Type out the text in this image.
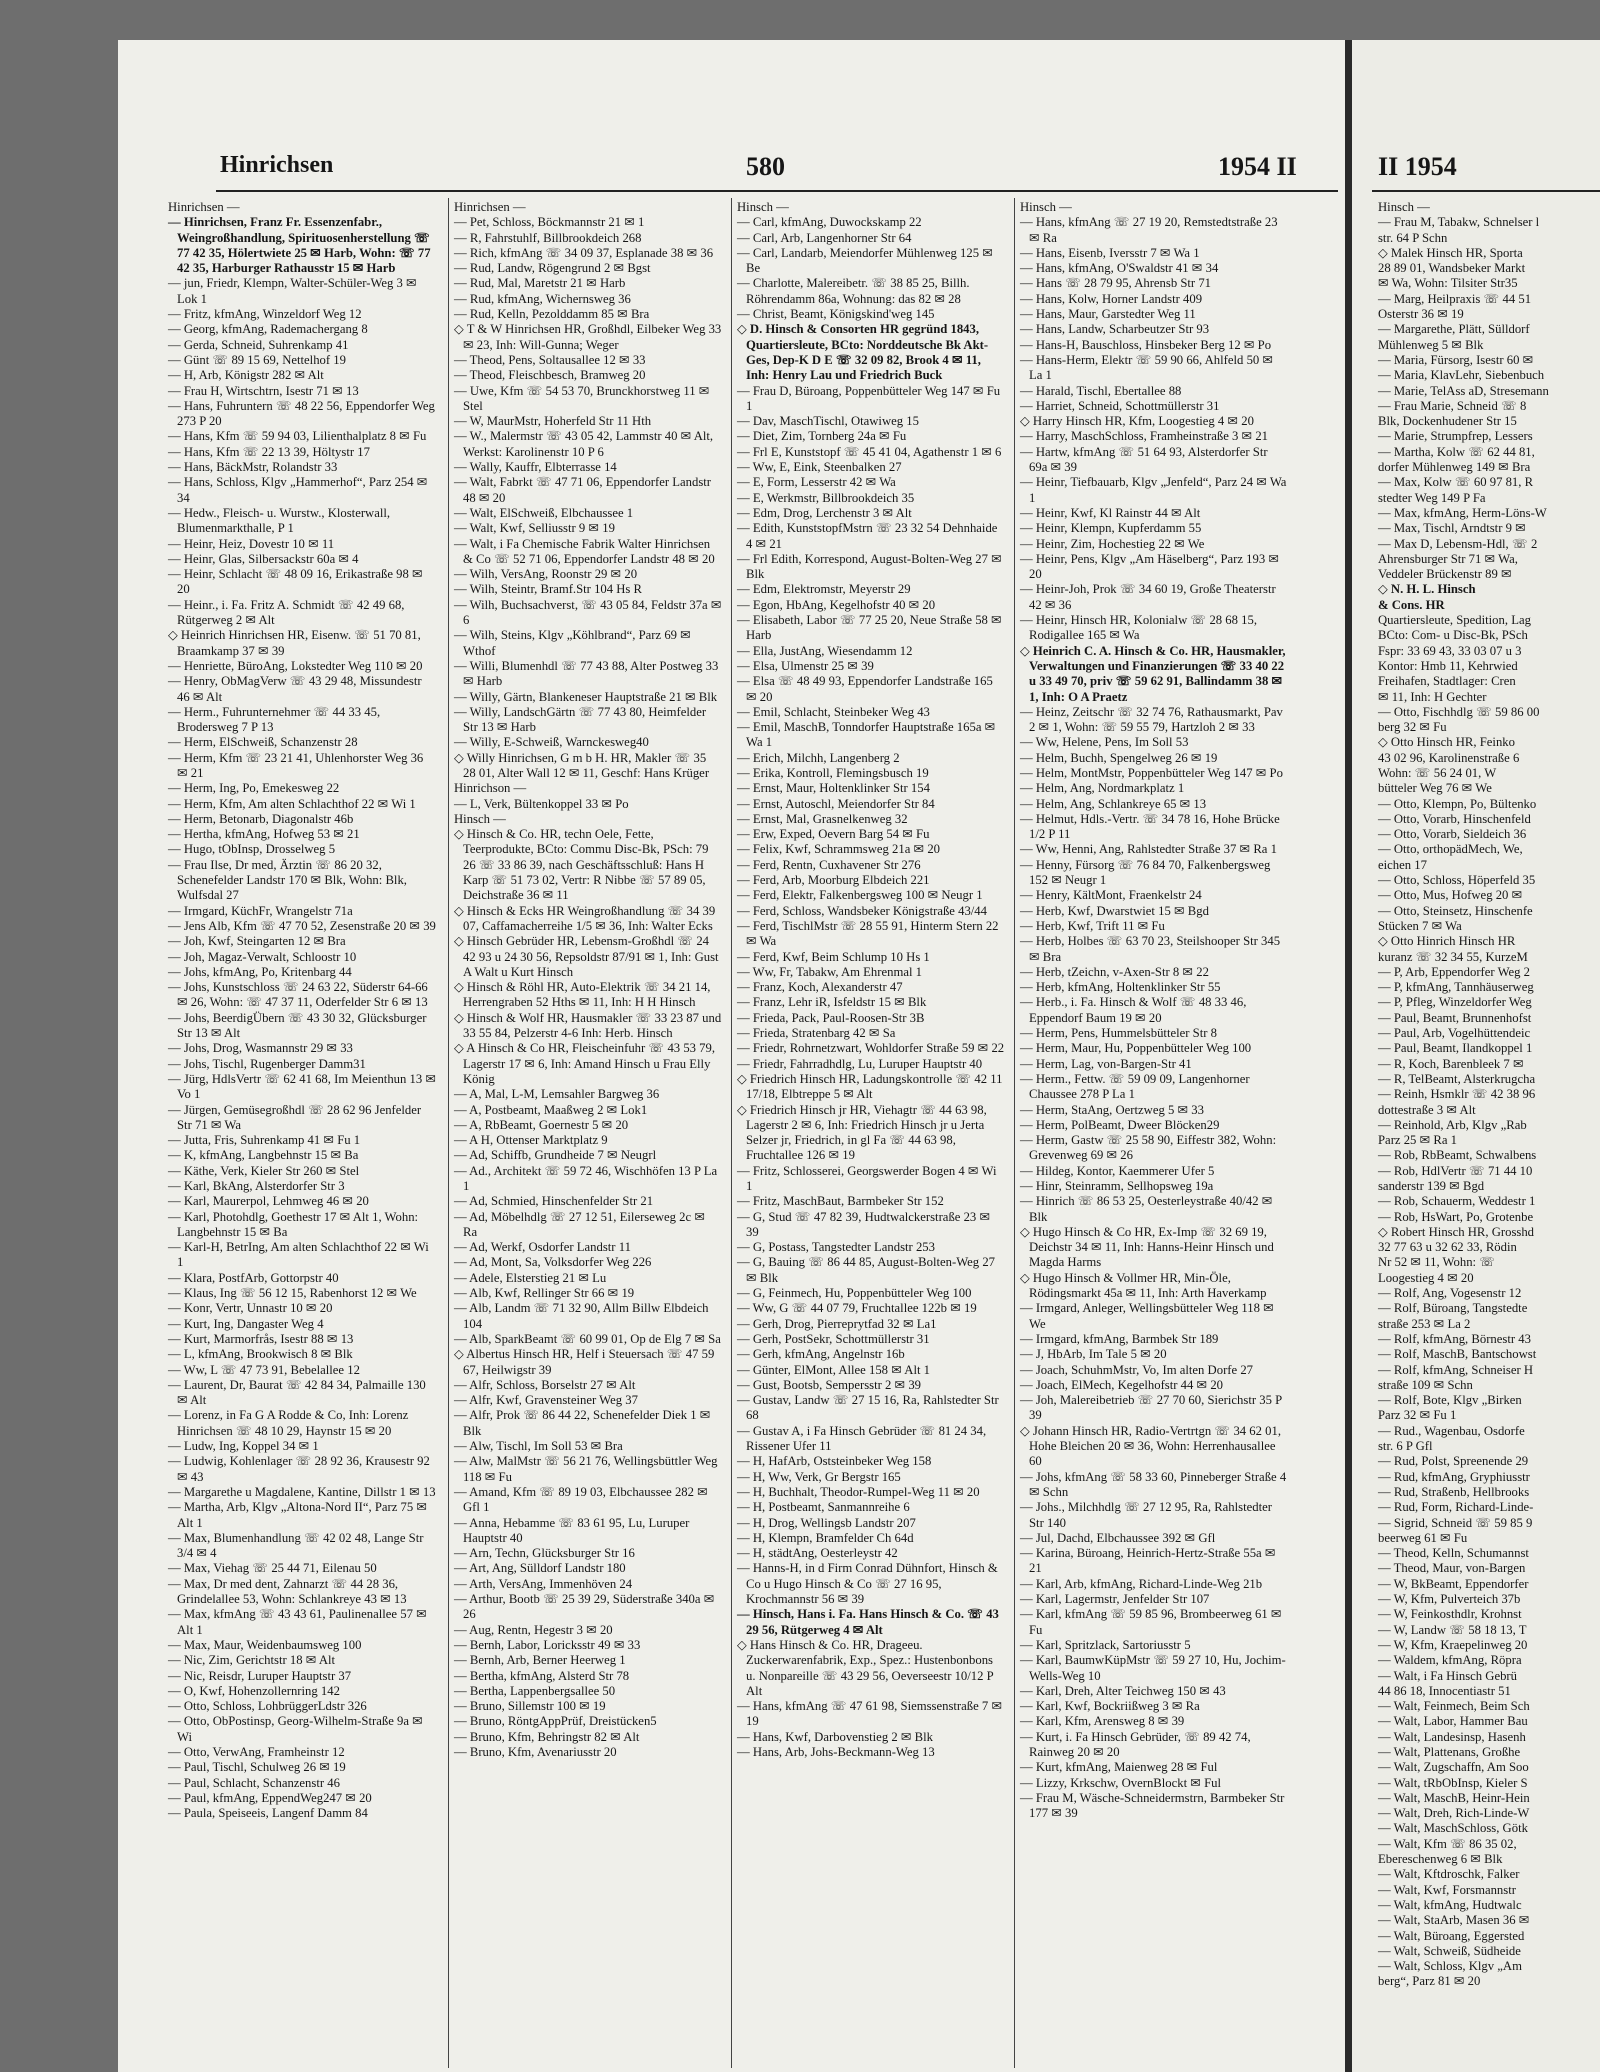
Hinrichsen	580	1954 II
Hinrichsen —
— Hinrichsen, Franz Fr. Essenzenfabr., Weingroßhandlung, Spirituosenherstellung ☏ 77 42 35, Hölertwiete 25 ✉ Harb, Wohn: ☏ 77 42 35, Harburger Rathausstr 15 ✉ Harb
— jun, Friedr, Klempn, Walter-Schüler-Weg 3 ✉ Lok 1
— Fritz, kfmAng, Winzeldorf Weg 12
— Georg, kfmAng, Rademachergang 8
— Gerda, Schneid, Suhrenkamp 41
— Günt ☏ 89 15 69, Nettelhof 19
— H, Arb, Königstr 282 ✉ Alt
— Frau H, Wirtschtrn, Isestr 71 ✉ 13
— Hans, Fuhruntern ☏ 48 22 56, Eppendorfer Weg 273 P 20
— Hans, Kfm ☏ 59 94 03, Lilienthalplatz 8 ✉ Fu
— Hans, Kfm ☏ 22 13 39, Höltystr 17
— Hans, BäckMstr, Rolandstr 33
— Hans, Schloss, Klgv „Hammerhof“, Parz 254 ✉ 34
— Hedw., Fleisch- u. Wurstw., Klosterwall, Blumenmarkthalle, P 1
— Heinr, Heiz, Dovestr 10 ✉ 11
— Heinr, Glas, Silbersackstr 60a ✉ 4
— Heinr, Schlacht ☏ 48 09 16, Erikastraße 98 ✉ 20
— Heinr., i. Fa. Fritz A. Schmidt ☏ 42 49 68, Rütgerweg 2 ✉ Alt
◇ Heinrich Hinrichsen HR, Eisenw. ☏ 51 70 81, Braamkamp 37 ✉ 39
— Henriette, BüroAng, Lokstedter Weg 110 ✉ 20
— Henry, ObMagVerw ☏ 43 29 48, Missundestr 46 ✉ Alt
— Herm., Fuhrunternehmer ☏ 44 33 45, Brodersweg 7 P 13
— Herm, ElSchweiß, Schanzenstr 28
— Herm, Kfm ☏ 23 21 41, Uhlenhorster Weg 36 ✉ 21
— Herm, Ing, Po, Emekesweg 22
— Herm, Kfm, Am alten Schlachthof 22 ✉ Wi 1
— Herm, Betonarb, Diagonalstr 46b
— Hertha, kfmAng, Hofweg 53 ✉ 21
— Hugo, tObInsp, Drosselweg 5
— Frau Ilse, Dr med, Ärztin ☏ 86 20 32, Schenefelder Landstr 170 ✉ Blk, Wohn: Blk, Wulfsdal 27
— Irmgard, KüchFr, Wrangelstr 71a
— Jens Alb, Kfm ☏ 47 70 52, Zesenstraße 20 ✉ 39
— Joh, Kwf, Steingarten 12 ✉ Bra
— Joh, Magaz-Verwalt, Schloostr 10
— Johs, kfmAng, Po, Kritenbarg 44
— Johs, Kunstschloss ☏ 24 63 22, Süderstr 64-66 ✉ 26, Wohn: ☏ 47 37 11, Oderfelder Str 6 ✉ 13
— Johs, BeerdigÜbern ☏ 43 30 32, Glücksburger Str 13 ✉ Alt
— Johs, Drog, Wasmannstr 29 ✉ 33
— Johs, Tischl, Rugenberger Damm31
— Jürg, HdlsVertr ☏ 62 41 68, Im Meienthun 13 ✉ Vo 1
— Jürgen, Gemüsegroßhdl ☏ 28 62 96 Jenfelder Str 71 ✉ Wa
— Jutta, Fris, Suhrenkamp 41 ✉ Fu 1
— K, kfmAng, Langbehnstr 15 ✉ Ba
— Käthe, Verk, Kieler Str 260 ✉ Stel
— Karl, BkAng, Alsterdorfer Str 3
— Karl, Maurerpol, Lehmweg 46 ✉ 20
— Karl, Photohdlg, Goethestr 17 ✉ Alt 1, Wohn: Langbehnstr 15 ✉ Ba
— Karl-H, BetrIng, Am alten Schlachthof 22 ✉ Wi 1
— Klara, PostfArb, Gottorpstr 40
— Klaus, Ing ☏ 56 12 15, Rabenhorst 12 ✉ We
— Konr, Vertr, Unnastr 10 ✉ 20
— Kurt, Ing, Dangaster Weg 4
— Kurt, Marmorfrås, Isestr 88 ✉ 13
— L, kfmAng, Brookwisch 8 ✉ Blk
— Ww, L ☏ 47 73 91, Bebelallee 12
— Laurent, Dr, Baurat ☏ 42 84 34, Palmaille 130 ✉ Alt
— Lorenz, in Fa G A Rodde & Co, Inh: Lorenz Hinrichsen ☏ 48 10 29, Haynstr 15 ✉ 20
— Ludw, Ing, Koppel 34 ✉ 1
— Ludwig, Kohlenlager ☏ 28 92 36, Krausestr 92 ✉ 43
— Margarethe u Magdalene, Kantine, Dillstr 1 ✉ 13
— Martha, Arb, Klgv „Altona-Nord II“, Parz 75 ✉ Alt 1
— Max, Blumenhandlung ☏ 42 02 48, Lange Str 3/4 ✉ 4
— Max, Viehag ☏ 25 44 71, Eilenau 50
— Max, Dr med dent, Zahnarzt ☏ 44 28 36, Grindelallee 53, Wohn: Schlankreye 43 ✉ 13
— Max, kfmAng ☏ 43 43 61, Paulinenallee 57 ✉ Alt 1
— Max, Maur, Weidenbaumsweg 100
— Nic, Zim, Gerichtstr 18 ✉ Alt
— Nic, Reisdr, Luruper Hauptstr 37
— O, Kwf, Hohenzollernring 142
— Otto, Schloss, LohbrüggerLdstr 326
— Otto, ObPostinsp, Georg-Wilhelm-Straße 9a ✉ Wi
— Otto, VerwAng, Framheinstr 12
— Paul, Tischl, Schulweg 26 ✉ 19
— Paul, Schlacht, Schanzenstr 46
— Paul, kfmAng, EppendWeg247 ✉ 20
— Paula, Speiseeis, Langenf Damm 84
Hinrichsen —
— Pet, Schloss, Böckmannstr 21 ✉ 1
— R, Fahrstuhlf, Billbrookdeich 268
— Rich, kfmAng ☏ 34 09 37, Esplanade 38 ✉ 36
— Rud, Landw, Rögengrund 2 ✉ Bgst
— Rud, Mal, Maretstr 21 ✉ Harb
— Rud, kfmAng, Wichernsweg 36
— Rud, Kelln, Pezolddamm 85 ✉ Bra
◇ T & W Hinrichsen HR, Großhdl, Eilbeker Weg 33 ✉ 23, Inh: Will-Gunna; Weger
— Theod, Pens, Soltausallee 12 ✉ 33
— Theod, Fleischbesch, Bramweg 20
— Uwe, Kfm ☏ 54 53 70, Brunckhorstweg 11 ✉ Stel
— W, MaurMstr, Hoherfeld Str 11 Hth
— W., Malermstr ☏ 43 05 42, Lammstr 40 ✉ Alt, Werkst: Karolinenstr 10 P 6
— Wally, Kauffr, Elbterrasse 14
— Walt, Fabrkt ☏ 47 71 06, Eppendorfer Landstr 48 ✉ 20
— Walt, ElSchweiß, Elbchaussee 1
— Walt, Kwf, Selliusstr 9 ✉ 19
— Walt, i Fa Chemische Fabrik Walter Hinrichsen & Co ☏ 52 71 06, Eppendorfer Landstr 48 ✉ 20
— Wilh, VersAng, Roonstr 29 ✉ 20
— Wilh, Steintr, Bramf.Str 104 Hs R
— Wilh, Buchsachverst, ☏ 43 05 84, Feldstr 37a ✉ 6
— Wilh, Steins, Klgv „Köhlbrand“, Parz 69 ✉ Wthof
— Willi, Blumenhdl ☏ 77 43 88, Alter Postweg 33 ✉ Harb
— Willy, Gärtn, Blankeneser Hauptstraße 21 ✉ Blk
— Willy, LandschGärtn ☏ 77 43 80, Heimfelder Str 13 ✉ Harb
— Willy, E-Schweiß, Warnckesweg40
◇ Willy Hinrichsen, G m b H. HR, Makler ☏ 35 28 01, Alter Wall 12 ✉ 11, Geschf: Hans Krüger
Hinrichson —
— L, Verk, Bültenkoppel 33 ✉ Po
Hinsch —
◇ Hinsch & Co. HR, techn Oele, Fette, Teerprodukte, BCto: Commu Disc-Bk, PSch: 79 26 ☏ 33 86 39, nach Geschäftsschluß: Hans H Karp ☏ 51 73 02, Vertr: R Nibbe ☏ 57 89 05, Deichstraße 36 ✉ 11
◇ Hinsch & Ecks HR Weingroßhandlung ☏ 34 39 07, Caffamacherreihe 1/5 ✉ 36, Inh: Walter Ecks
◇ Hinsch Gebrüder HR, Lebensm-Großhdl ☏ 24 42 93 u 24 30 56, Repsoldstr 87/91 ✉ 1, Inh: Gust A Walt u Kurt Hinsch
◇ Hinsch & Röhl HR, Auto-Elektrik ☏ 34 21 14, Herrengraben 52 Hths ✉ 11, Inh: H H Hinsch
◇ Hinsch & Wolf HR, Hausmakler ☏ 33 23 87 und 33 55 84, Pelzerstr 4-6 Inh: Herb. Hinsch
◇ A Hinsch & Co HR, Fleischeinfuhr ☏ 43 53 79, Lagerstr 17 ✉ 6, Inh: Amand Hinsch u Frau Elly König
— A, Mal, L-M, Lemsahler Bargweg 36
— A, Postbeamt, Maaßweg 2 ✉ Lok1
— A, RbBeamt, Goernestr 5 ✉ 20
— A H, Ottenser Marktplatz 9
— Ad, Schiffb, Grundheide 7 ✉ Neugrl
— Ad., Architekt ☏ 59 72 46, Wischhöfen 13 P La 1
— Ad, Schmied, Hinschenfelder Str 21
— Ad, Möbelhdlg ☏ 27 12 51, Eilerseweg 2c ✉ Ra
— Ad, Werkf, Osdorfer Landstr 11
— Ad, Mont, Sa, Volksdorfer Weg 226
— Adele, Elsterstieg 21 ✉ Lu
— Alb, Kwf, Rellinger Str 66 ✉ 19
— Alb, Landm ☏ 71 32 90, Allm Billw Elbdeich 104
— Alb, SparkBeamt ☏ 60 99 01, Op de Elg 7 ✉ Sa
◇ Albertus Hinsch HR, Helf i Steuersach ☏ 47 59 67, Heilwigstr 39
— Alfr, Schloss, Borselstr 27 ✉ Alt
— Alfr, Kwf, Gravensteiner Weg 37
— Alfr, Prok ☏ 86 44 22, Schenefelder Diek 1 ✉ Blk
— Alw, Tischl, Im Soll 53 ✉ Bra
— Alw, MalMstr ☏ 56 21 76, Wellingsbüttler Weg 118 ✉ Fu
— Amand, Kfm ☏ 89 19 03, Elbchaussee 282 ✉ Gfl 1
— Anna, Hebamme ☏ 83 61 95, Lu, Luruper Hauptstr 40
— Arn, Techn, Glücksburger Str 16
— Art, Ang, Sülldorf Landstr 180
— Arth, VersAng, Immenhöven 24
— Arthur, Bootb ☏ 25 39 29, Süderstraße 340a ✉ 26
— Aug, Rentn, Hegestr 3 ✉ 20
— Bernh, Labor, Loricksstr 49 ✉ 33
— Bernh, Arb, Berner Heerweg 1
— Bertha, kfmAng, Alsterd Str 78
— Bertha, Lappenbergsallee 50
— Bruno, Sillemstr 100 ✉ 19
— Bruno, RöntgAppPrüf, Dreistücken5
— Bruno, Kfm, Behringstr 82 ✉ Alt
— Bruno, Kfm, Avenariusstr 20
Hinsch —
— Carl, kfmAng, Duwockskamp 22
— Carl, Arb, Langenhorner Str 64
— Carl, Landarb, Meiendorfer Mühlenweg 125 ✉ Be
— Charlotte, Malereibetr. ☏ 38 85 25, Billh. Röhrendamm 86a, Wohnung: das 82 ✉ 28
— Christ, Beamt, Königskind'weg 145
◇ D. Hinsch & Consorten HR gegründ 1843, Quartiersleute, BCto: Norddeutsche Bk Akt-Ges, Dep-K D E ☏ 32 09 82, Brook 4 ✉ 11, Inh: Henry Lau und Friedrich Buck
— Frau D, Büroang, Poppenbütteler Weg 147 ✉ Fu 1
— Dav, MaschTischl, Otawiweg 15
— Diet, Zim, Tornberg 24a ✉ Fu
— Frl E, Kunststopf ☏ 45 41 04, Agathenstr 1 ✉ 6
— Ww, E, Eink, Steenbalken 27
— E, Form, Lesserstr 42 ✉ Wa
— E, Werkmstr, Billbrookdeich 35
— Edm, Drog, Lerchenstr 3 ✉ Alt
— Edith, KunststopfMstrn ☏ 23 32 54 Dehnhaide 4 ✉ 21
— Frl Edith, Korrespond, August-Bolten-Weg 27 ✉ Blk
— Edm, Elektromstr, Meyerstr 29
— Egon, HbAng, Kegelhofstr 40 ✉ 20
— Elisabeth, Labor ☏ 77 25 20, Neue Straße 58 ✉ Harb
— Ella, JustAng, Wiesendamm 12
— Elsa, Ulmenstr 25 ✉ 39
— Elsa ☏ 48 49 93, Eppendorfer Landstraße 165 ✉ 20
— Emil, Schlacht, Steinbeker Weg 43
— Emil, MaschB, Tonndorfer Hauptstraße 165a ✉ Wa 1
— Erich, Milchh, Langenberg 2
— Erika, Kontroll, Flemingsbusch 19
— Ernst, Maur, Holtenklinker Str 154
— Ernst, Autoschl, Meiendorfer Str 84
— Ernst, Mal, Grasnelkenweg 32
— Erw, Exped, Oevern Barg 54 ✉ Fu
— Felix, Kwf, Schrammsweg 21a ✉ 20
— Ferd, Rentn, Cuxhavener Str 276
— Ferd, Arb, Moorburg Elbdeich 221
— Ferd, Elektr, Falkenbergsweg 100 ✉ Neugr 1
— Ferd, Schloss, Wandsbeker Königstraße 43/44
— Ferd, TischlMstr ☏ 28 55 91, Hinterm Stern 22 ✉ Wa
— Ferd, Kwf, Beim Schlump 10 Hs 1
— Ww, Fr, Tabakw, Am Ehrenmal 1
— Franz, Koch, Alexanderstr 47
— Franz, Lehr iR, Isfeldstr 15 ✉ Blk
— Frieda, Pack, Paul-Roosen-Str 3B
— Frieda, Stratenbarg 42 ✉ Sa
— Friedr, Rohrnetzwart, Wohldorfer Straße 59 ✉ 22
— Friedr, Fahrradhdlg, Lu, Luruper Hauptstr 40
◇ Friedrich Hinsch HR, Ladungskontrolle ☏ 42 11 17/18, Elbtreppe 5 ✉ Alt
◇ Friedrich Hinsch jr HR, Viehagtr ☏ 44 63 98, Lagerstr 2 ✉ 6, Inh: Friedrich Hinsch jr u Jerta Selzer jr, Friedrich, in gl Fa ☏ 44 63 98, Fruchtallee 126 ✉ 19
— Fritz, Schlosserei, Georgswerder Bogen 4 ✉ Wi 1
— Fritz, MaschBaut, Barmbeker Str 152
— G, Stud ☏ 47 82 39, Hudtwalckerstraße 23 ✉ 39
— G, Postass, Tangstedter Landstr 253
— G, Bauing ☏ 86 44 85, August-Bolten-Weg 27 ✉ Blk
— G, Feinmech, Hu, Poppenbütteler Weg 100
— Ww, G ☏ 44 07 79, Fruchtallee 122b ✉ 19
— Gerh, Drog, Pierreprytfad 32 ✉ La1
— Gerh, PostSekr, Schottmüllerstr 31
— Gerh, kfmAng, Angelnstr 16b
— Günter, ElMont, Allee 158 ✉ Alt 1
— Gust, Bootsb, Sempersstr 2 ✉ 39
— Gustav, Landw ☏ 27 15 16, Ra, Rahlstedter Str 68
— Gustav A, i Fa Hinsch Gebrüder ☏ 81 24 34, Rissener Ufer 11
— H, HafArb, Oststeinbeker Weg 158
— H, Ww, Verk, Gr Bergstr 165
— H, Buchhalt, Theodor-Rumpel-Weg 11 ✉ 20
— H, Postbeamt, Sanmannreihe 6
— H, Drog, Wellingsb Landstr 207
— H, Klempn, Bramfelder Ch 64d
— H, städtAng, Oesterleystr 42
— Hanns-H, in d Firm Conrad Dühnfort, Hinsch & Co u Hugo Hinsch & Co ☏ 27 16 95, Krochmannstr 56 ✉ 39
— Hinsch, Hans i. Fa. Hans Hinsch & Co. ☏ 43 29 56, Rütgerweg 4 ✉ Alt
◇ Hans Hinsch & Co. HR, Drageeu. Zuckerwarenfabrik, Exp., Spez.: Hustenbonbons u. Nonpareille ☏ 43 29 56, Oeverseestr 10/12 P Alt
— Hans, kfmAng ☏ 47 61 98, Siemssenstraße 7 ✉ 19
— Hans, Kwf, Darbovenstieg 2 ✉ Blk
— Hans, Arb, Johs-Beckmann-Weg 13
Hinsch —
— Hans, kfmAng ☏ 27 19 20, Remstedtstraße 23 ✉ Ra
— Hans, Eisenb, Iversstr 7 ✉ Wa 1
— Hans, kfmAng, O'Swaldstr 41 ✉ 34
— Hans ☏ 28 79 95, Ahrensb Str 71
— Hans, Kolw, Horner Landstr 409
— Hans, Maur, Garstedter Weg 11
— Hans, Landw, Scharbeutzer Str 93
— Hans-H, Bauschloss, Hinsbeker Berg 12 ✉ Po
— Hans-Herm, Elektr ☏ 59 90 66, Ahlfeld 50 ✉ La 1
— Harald, Tischl, Ebertallee 88
— Harriet, Schneid, Schottmüllerstr 31
◇ Harry Hinsch HR, Kfm, Loogestieg 4 ✉ 20
— Harry, MaschSchloss, Framheinstraße 3 ✉ 21
— Hartw, kfmAng ☏ 51 64 93, Alsterdorfer Str 69a ✉ 39
— Heinr, Tiefbauarb, Klgv „Jenfeld“, Parz 24 ✉ Wa 1
— Heinr, Kwf, Kl Rainstr 44 ✉ Alt
— Heinr, Klempn, Kupferdamm 55
— Heinr, Zim, Hochestieg 22 ✉ We
— Heinr, Pens, Klgv „Am Häselberg“, Parz 193 ✉ 20
— Heinr-Joh, Prok ☏ 34 60 19, Große Theaterstr 42 ✉ 36
— Heinr, Hinsch HR, Kolonialw ☏ 28 68 15, Rodigallee 165 ✉ Wa
◇ Heinrich C. A. Hinsch & Co. HR, Hausmakler, Verwaltungen und Finanzierungen ☏ 33 40 22 u 33 49 70, priv ☏ 59 62 91, Ballindamm 38 ✉ 1, Inh: O A Praetz
— Heinz, Zeitschr ☏ 32 74 76, Rathausmarkt, Pav 2 ✉ 1, Wohn: ☏ 59 55 79, Hartzloh 2 ✉ 33
— Ww, Helene, Pens, Im Soll 53
— Helm, Buchh, Spengelweg 26 ✉ 19
— Helm, MontMstr, Poppenbütteler Weg 147 ✉ Po
— Helm, Ang, Nordmarkplatz 1
— Helm, Ang, Schlankreye 65 ✉ 13
— Helmut, Hdls.-Vertr. ☏ 34 78 16, Hohe Brücke 1/2 P 11
— Ww, Henni, Ang, Rahlstedter Straße 37 ✉ Ra 1
— Henny, Fürsorg ☏ 76 84 70, Falkenbergsweg 152 ✉ Neugr 1
— Henry, KältMont, Fraenkelstr 24
— Herb, Kwf, Dwarstwiet 15 ✉ Bgd
— Herb, Kwf, Trift 11 ✉ Fu
— Herb, Holbes ☏ 63 70 23, Steilshooper Str 345 ✉ Bra
— Herb, tZeichn, v-Axen-Str 8 ✉ 22
— Herb, kfmAng, Holtenklinker Str 55
— Herb., i. Fa. Hinsch & Wolf ☏ 48 33 46, Eppendorf Baum 19 ✉ 20
— Herm, Pens, Hummelsbütteler Str 8
— Herm, Maur, Hu, Poppenbütteler Weg 100
— Herm, Lag, von-Bargen-Str 41
— Herm., Fettw. ☏ 59 09 09, Langenhorner Chaussee 278 P La 1
— Herm, StaAng, Oertzweg 5 ✉ 33
— Herm, PolBeamt, Dweer Blöcken29
— Herm, Gastw ☏ 25 58 90, Eiffestr 382, Wohn: Grevenweg 69 ✉ 26
— Hildeg, Kontor, Kaemmerer Ufer 5
— Hinr, Steinramm, Sellhopsweg 19a
— Hinrich ☏ 86 53 25, Oesterleystraße 40/42 ✉ Blk
◇ Hugo Hinsch & Co HR, Ex-Imp ☏ 32 69 19, Deichstr 34 ✉ 11, Inh: Hanns-Heinr Hinsch und Magda Harms
◇ Hugo Hinsch & Vollmer HR, Min-Öle, Rödingsmarkt 45a ✉ 11, Inh: Arth Haverkamp
— Irmgard, Anleger, Wellingsbütteler Weg 118 ✉ We
— Irmgard, kfmAng, Barmbek Str 189
— J, HbArb, Im Tale 5 ✉ 20
— Joach, SchuhmMstr, Vo, Im alten Dorfe 27
— Joach, ElMech, Kegelhofstr 44 ✉ 20
— Joh, Malereibetrieb ☏ 27 70 60, Sierichstr 35 P 39
◇ Johann Hinsch HR, Radio-Vertrtgn ☏ 34 62 01, Hohe Bleichen 20 ✉ 36, Wohn: Herrenhausallee 60
— Johs, kfmAng ☏ 58 33 60, Pinneberger Straße 4 ✉ Schn
— Johs., Milchhdlg ☏ 27 12 95, Ra, Rahlstedter Str 140
— Jul, Dachd, Elbchaussee 392 ✉ Gfl
— Karina, Büroang, Heinrich-Hertz-Straße 55a ✉ 21
— Karl, Arb, kfmAng, Richard-Linde-Weg 21b
— Karl, Lagermstr, Jenfelder Str 107
— Karl, kfmAng ☏ 59 85 96, Brombeerweg 61 ✉ Fu
— Karl, Spritzlack, Sartoriusstr 5
— Karl, BaumwKüpMstr ☏ 59 27 10, Hu, Jochim-Wells-Weg 10
— Karl, Dreh, Alter Teichweg 150 ✉ 43
— Karl, Kwf, Bockriißweg 3 ✉ Ra
— Karl, Kfm, Arensweg 8 ✉ 39
— Kurt, i. Fa Hinsch Gebrüder, ☏ 89 42 74, Rainweg 20 ✉ 20
— Kurt, kfmAng, Maienweg 28 ✉ Ful
— Lizzy, Krkschw, OvernBlockt ✉ Ful
— Frau M, Wäsche-Schneidermstrn, Barmbeker Str 177 ✉ 39
II 1954
Hinsch —
— Frau M, Tabakw, Schnelser l
str. 64 P Schn
◇ Malek Hinsch HR, Sporta
28 89 01, Wandsbeker Markt
✉ Wa, Wohn: Tilsiter Str35
— Marg, Heilpraxis ☏ 44 51
Osterstr 36 ✉ 19
— Margarethe, Plätt, Sülldorf
Mühlenweg 5 ✉ Blk
— Maria, Fürsorg, Isestr 60 ✉
— Maria, KlavLehr, Siebenbuch
— Marie, TelAss aD, Stresemann
— Frau Marie, Schneid ☏ 8
Blk, Dockenhudener Str 15
— Marie, Strumpfrep, Lessers
— Martha, Kolw ☏ 62 44 81,
dorfer Mühlenweg 149 ✉ Bra
— Max, Kolw ☏ 60 97 81, R
stedter Weg 149 P Fa
— Max, kfmAng, Herm-Löns-W
— Max, Tischl, Arndtstr 9 ✉
— Max D, Lebensm-Hdl, ☏ 2
Ahrensburger Str 71 ✉ Wa,
Veddeler Brückenstr 89 ✉
◇ N. H. L. Hinsch
& Cons. HR
Quartiersleute, Spedition, Lag
BCto: Com- u Disc-Bk, PSch
Fspr: 33 69 43, 33 03 07 u 3
Kontor: Hmb 11, Kehrwied
Freihafen, Stadtlager: Cren
✉ 11, Inh: H Gechter
— Otto, Fischhdlg ☏ 59 86 00
berg 32 ✉ Fu
◇ Otto Hinsch HR, Feinko
43 02 96, Karolinenstraße 6
Wohn: ☏ 56 24 01, W
bütteler Weg 76 ✉ We
— Otto, Klempn, Po, Bültenko
— Otto, Vorarb, Hinschenfeld
— Otto, Vorarb, Sieldeich 36
— Otto, orthopädMech, We,
eichen 17
— Otto, Schloss, Höperfeld 35
— Otto, Mus, Hofweg 20 ✉
— Otto, Steinsetz, Hinschenfe
Stücken 7 ✉ Wa
◇ Otto Hinrich Hinsch HR
kuranz ☏ 32 34 55, KurzeM
— P, Arb, Eppendorfer Weg 2
— P, kfmAng, Tannhäuserweg
— P, Pfleg, Winzeldorfer Weg
— Paul, Beamt, Brunnenhofst
— Paul, Arb, Vogelhüttendeic
— Paul, Beamt, Ilandkoppel 1
— R, Koch, Barenbleek 7 ✉
— R, TelBeamt, Alsterkrugcha
— Reinh, Hsmklr ☏ 42 38 96
dottestraße 3 ✉ Alt
— Reinhold, Arb, Klgv „Rab
Parz 25 ✉ Ra 1
— Rob, RbBeamt, Schwalbens
— Rob, HdlVertr ☏ 71 44 10
sanderstr 139 ✉ Bgd
— Rob, Schauerm, Weddestr 1
— Rob, HsWart, Po, Grotenbe
◇ Robert Hinsch HR, Grosshd
32 77 63 u 32 62 33, Rödin
Nr 52 ✉ 11, Wohn: ☏
Loogestieg 4 ✉ 20
— Rolf, Ang, Vogesenstr 12
— Rolf, Büroang, Tangstedte
straße 253 ✉ La 2
— Rolf, kfmAng, Börnestr 43
— Rolf, MaschB, Bantschowst
— Rolf, kfmAng, Schneiser H
straße 109 ✉ Schn
— Rolf, Bote, Klgv „Birken
Parz 32 ✉ Fu 1
— Rud., Wagenbau, Osdorfe
str. 6 P Gfl
— Rud, Polst, Spreenende 29
— Rud, kfmAng, Gryphiusstr
— Rud, Straßenb, Hellbrooks
— Rud, Form, Richard-Linde-
— Sigrid, Schneid ☏ 59 85 9
beerweg 61 ✉ Fu
— Theod, Kelln, Schumannst
— Theod, Maur, von-Bargen
— W, BkBeamt, Eppendorfer
— W, Kfm, Pulverteich 37b
— W, Feinkosthdlr, Krohnst
— W, Landw ☏ 58 18 13, T
— W, Kfm, Kraepelinweg 20
— Waldem, kfmAng, Röpra
— Walt, i Fa Hinsch Gebrü
44 86 18, Innocentiastr 51
— Walt, Feinmech, Beim Sch
— Walt, Labor, Hammer Bau
— Walt, Landesinsp, Hasenh
— Walt, Plattenans, Großhe
— Walt, Zugschaffn, Am Soo
— Walt, tRbObInsp, Kieler S
— Walt, MaschB, Heinr-Hein
— Walt, Dreh, Rich-Linde-W
— Walt, MaschSchloss, Götk
— Walt, Kfm ☏ 86 35 02,
Ebereschenweg 6 ✉ Blk
— Walt, Kftdroschk, Falker
— Walt, Kwf, Forsmannstr
— Walt, kfmAng, Hudtwalc
— Walt, StaArb, Masen 36 ✉
— Walt, Büroang, Eggersted
— Walt, Schweiß, Südheide
— Walt, Schloss, Klgv „Am
berg“, Parz 81 ✉ 20
